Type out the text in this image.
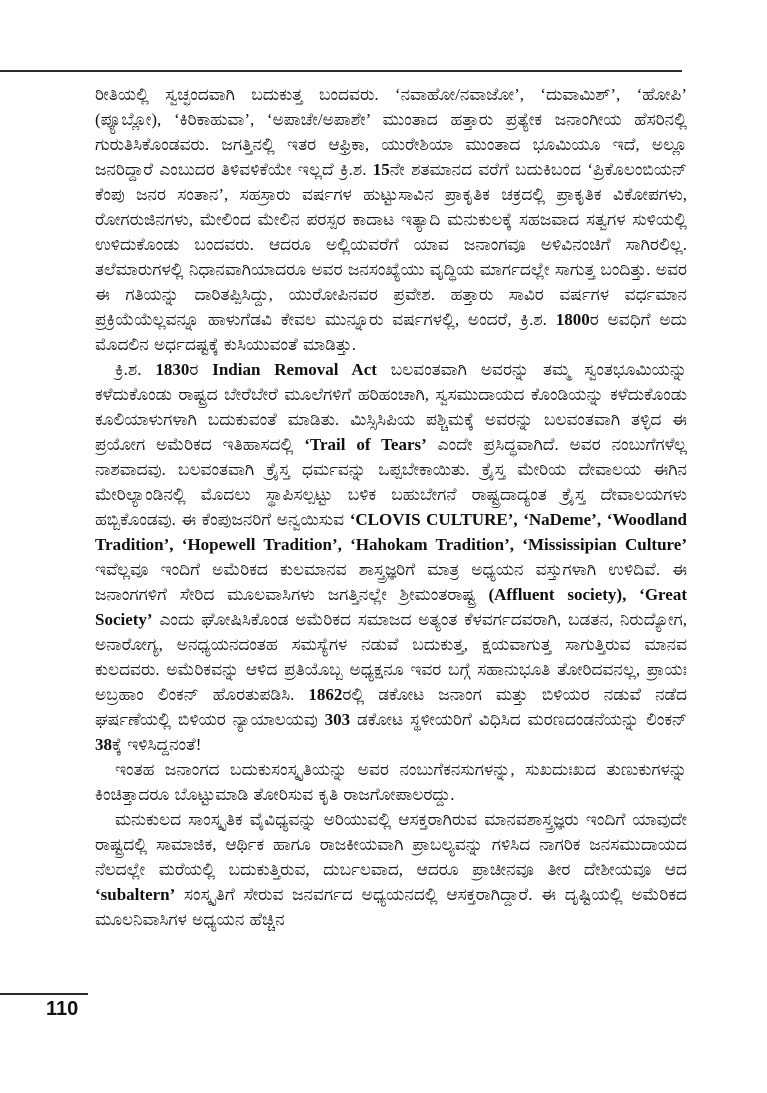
ರೀತಿಯಲ್ಲಿ ಸ್ವಚ್ಛಂದವಾಗಿ ಬದುಕುತ್ತ ಬಂದವರು. ‘ನವಾಹೋ/ನವಾಜೋ’, ‘ದುವಾಮಿಶ್’, ‘ಹೋಪಿ’ (ಪ್ಯೂಬ್ಲೋ), ‘ಕಿರಿಕಾಹುವಾ’, ‘ಅಪಾಚೇ/ಅಪಾಶೇ’ ಮುಂತಾದ ಹತ್ತಾರು ಪ್ರತ್ಯೇಕ ಜನಾಂಗೀಯ ಹೆಸರಿನಲ್ಲಿ ಗುರುತಿಸಿಕೊಂಡವರು. ಜಗತ್ತಿನಲ್ಲಿ ಇತರ ಆಫ್ರಿಕಾ, ಯುರೇಶಿಯಾ ಮುಂತಾದ ಭೂಮಿಯೂ ಇದೆ, ಅಲ್ಲೂ ಜನರಿದ್ದಾರೆ ಎಂಬುದರ ತಿಳಿವಳಿಕೆಯೇ ಇಲ್ಲದೆ ಕ್ರಿ.ಶ. 15ನೇ ಶತಮಾನದ ವರೆಗೆ ಬದುಕಿಬಂದ ‘ಪ್ರಿಕೊಲಂಬಿಯನ್ ಕೆಂಪು ಜನರ ಸಂತಾನ’, ಸಹಸ್ರಾರು ವರ್ಷಗಳ ಹುಟ್ಟುಸಾವಿನ ಪ್ರಾಕೃತಿಕ ಚಕ್ರದಲ್ಲಿ ಪ್ರಾಕೃತಿಕ ವಿಕೋಪಗಳು, ರೋಗರುಜಿನಗಳು, ಮೇಲಿಂದ ಮೇಲಿನ ಪರಸ್ಪರ ಕಾದಾಟ ಇತ್ಯಾದಿ ಮನುಕುಲಕ್ಕೆ ಸಹಜವಾದ ಸತ್ವಗಳ ಸುಳಿಯಲ್ಲಿ ಉಳಿದುಕೊಂಡು ಬಂದವರು. ಆದರೂ ಅಲ್ಲಿಯವರೆಗೆ ಯಾವ ಜನಾಂಗವೂ ಅಳಿವಿನಂಚಿಗೆ ಸಾಗಿರಲಿಲ್ಲ. ತಲೆಮಾರುಗಳಲ್ಲಿ ನಿಧಾನವಾಗಿಯಾದರೂ ಅವರ ಜನಸಂಖ್ಯೆಯು ವೃದ್ಧಿಯ ಮಾರ್ಗದಲ್ಲೇ ಸಾಗುತ್ತ ಬಂದಿತ್ತು. ಅವರ ಈ ಗತಿಯನ್ನು ದಾರಿತಪ್ಪಿಸಿದ್ದು, ಯುರೋಪಿನವರ ಪ್ರವೇಶ. ಹತ್ತಾರು ಸಾವಿರ ವರ್ಷಗಳ ವರ್ಧಮಾನ ಪ್ರಕ್ರಿಯೆಯೆಲ್ಲವನ್ನೂ ಹಾಳುಗೆಡವಿ ಕೇವಲ ಮುನ್ನೂರು ವರ್ಷಗಳಲ್ಲಿ, ಅಂದರೆ, ಕ್ರಿ.ಶ. 1800ರ ಅವಧಿಗೆ ಅದು ಮೊದಲಿನ ಅರ್ಧದಷ್ಟಕ್ಕೆ ಕುಸಿಯುವಂತೆ ಮಾಡಿತ್ತು.

ಕ್ರಿ.ಶ. 1830ರ Indian Removal Act ಬಲವಂತವಾಗಿ ಅವರನ್ನು ತಮ್ಮ ಸ್ವಂತಭೂಮಿಯನ್ನು ಕಳೆದುಕೊಂಡು ರಾಷ್ಟ್ರದ ಬೇರೆಬೇರೆ ಮೂಲೆಗಳಿಗೆ ಹರಿಹಂಚಾಗಿ, ಸ್ವಸಮುದಾಯದ ಕೊಂಡಿಯನ್ನು ಕಳೆದುಕೊಂಡು ಕೂಲಿಯಾಳುಗಳಾಗಿ ಬದುಕುವಂತೆ ಮಾಡಿತು. ಮಿಸ್ಸಿಸಿಪಿಯ ಪಶ್ಚಿಮಕ್ಕೆ ಅವರನ್ನು ಬಲವಂತವಾಗಿ ತಳ್ಳಿದ ಈ ಪ್ರಯೋಗ ಅಮೆರಿಕದ ಇತಿಹಾಸದಲ್ಲಿ ‘Trail of Tears’ ಎಂದೇ ಪ್ರಸಿದ್ಧವಾಗಿದೆ. ಅವರ ನಂಬುಗೆಗಳೆಲ್ಲ ನಾಶವಾದವು. ಬಲವಂತವಾಗಿ ಕ್ರೈಸ್ತ ಧರ್ಮವನ್ನು ಒಪ್ಪಬೇಕಾಯಿತು. ಕ್ರೈಸ್ತ ಮೇರಿಯ ದೇವಾಲಯ ಈಗಿನ ಮೇರಿಲ್ಯಾಂಡಿನಲ್ಲಿ ಮೊದಲು ಸ್ಥಾಪಿಸಲ್ಪಟ್ಟು ಬಳಿಕ ಬಹುಬೇಗನೆ ರಾಷ್ಟ್ರದಾದ್ಯಂತ ಕ್ರೈಸ್ತ ದೇವಾಲಯಗಳು ಹಬ್ಬಿಕೊಂಡವು. ಈ ಕೆಂಪುಜನರಿಗೆ ಅನ್ವಯಿಸುವ ‘CLOVIS CULTURE’, ‘NaDeme’, ‘Woodland Tradition’, ‘Hopewell Tradition’, ‘Hahokam Tradition’, ‘Mississipian Culture’ ಇವೆಲ್ಲವೂ ಇಂದಿಗೆ ಅಮೆರಿಕದ ಕುಲಮಾನವ ಶಾಸ್ತ್ರಜ್ಞರಿಗೆ ಮಾತ್ರ ಅಧ್ಯಯನ ವಸ್ತುಗಳಾಗಿ ಉಳಿದಿವೆ. ಈ ಜನಾಂಗಗಳಿಗೆ ಸೇರಿದ ಮೂಲವಾಸಿಗಳು ಜಗತ್ತಿನಲ್ಲೇ ಶ್ರೀಮಂತರಾಷ್ಟ್ರ (Affluent society), ‘Great Society’ ಎಂದು ಘೋಷಿಸಿಕೊಂಡ ಅಮೆರಿಕದ ಸಮಾಜದ ಅತ್ಯಂತ ಕೆಳವರ್ಗದವರಾಗಿ, ಬಡತನ, ನಿರುದ್ಯೋಗ, ಅನಾರೋಗ್ಯ, ಅನಧ್ಯಯನದಂತಹ ಸಮಸ್ಯೆಗಳ ನಡುವೆ ಬದುಕುತ್ತ, ಕ್ಷಯವಾಗುತ್ತ ಸಾಗುತ್ತಿರುವ ಮಾನವ ಕುಲದವರು. ಅಮೆರಿಕವನ್ನು ಆಳಿದ ಪ್ರತಿಯೊಬ್ಬ ಅಧ್ಯಕ್ಷನೂ ಇವರ ಬಗ್ಗೆ ಸಹಾನುಭೂತಿ ತೋರಿದವನಲ್ಲ, ಪ್ರಾಯಃ ಅಬ್ರಹಾಂ ಲಿಂಕನ್ ಹೊರತುಪಡಿಸಿ. 1862ರಲ್ಲಿ ಡಕೋಟ ಜನಾಂಗ ಮತ್ತು ಬಿಳಿಯರ ನಡುವೆ ನಡೆದ ಘರ್ಷಣೆಯಲ್ಲಿ ಬಿಳಿಯರ ನ್ಯಾಯಾಲಯವು 303 ಡಕೋಟ ಸ್ಥಳೀಯರಿಗೆ ವಿಧಿಸಿದ ಮರಣದಂಡನೆಯನ್ನು ಲಿಂಕನ್ 38ಕ್ಕೆ ಇಳಿಸಿದ್ದನಂತೆ!

ಇಂತಹ ಜನಾಂಗದ ಬದುಕುಸಂಸ್ಕೃತಿಯನ್ನು ಅವರ ನಂಬುಗೆಕನಸುಗಳನ್ನು, ಸುಖದುಃಖದ ತುಣುಕುಗಳನ್ನು ಕಿಂಚಿತ್ತಾದರೂ ಬೊಟ್ಟುಮಾಡಿ ತೋರಿಸುವ ಕೃತಿ ರಾಜಗೋಪಾಲರದ್ದು.

ಮನುಕುಲದ ಸಾಂಸ್ಕೃತಿಕ ವೈವಿಧ್ಯವನ್ನು ಅರಿಯುವಲ್ಲಿ ಆಸಕ್ತರಾಗಿರುವ ಮಾನವಶಾಸ್ತ್ರಜ್ಞರು ಇಂದಿಗೆ ಯಾವುದೇ ರಾಷ್ಟ್ರದಲ್ಲಿ ಸಾಮಾಜಿಕ, ಆರ್ಥಿಕ ಹಾಗೂ ರಾಜಕೀಯವಾಗಿ ಪ್ರಾಬಲ್ಯವನ್ನು ಗಳಿಸಿದ ನಾಗರಿಕ ಜನಸಮುದಾಯದ ನೆಲದಲ್ಲೇ ಮರೆಯಲ್ಲಿ ಬದುಕುತ್ತಿರುವ, ದುರ್ಬಲವಾದ, ಆದರೂ ಪ್ರಾಚೀನವೂ ತೀರ ದೇಶೀಯವೂ ಆದ ‘subaltern’ ಸಂಸ್ಕೃತಿಗೆ ಸೇರುವ ಜನವರ್ಗದ ಅಧ್ಯಯನದಲ್ಲಿ ಆಸಕ್ತರಾಗಿದ್ದಾರೆ. ಈ ದೃಷ್ಟಿಯಲ್ಲಿ ಅಮೆರಿಕದ ಮೂಲನಿವಾಸಿಗಳ ಅಧ್ಯಯನ ಹೆಚ್ಚಿನ

110
